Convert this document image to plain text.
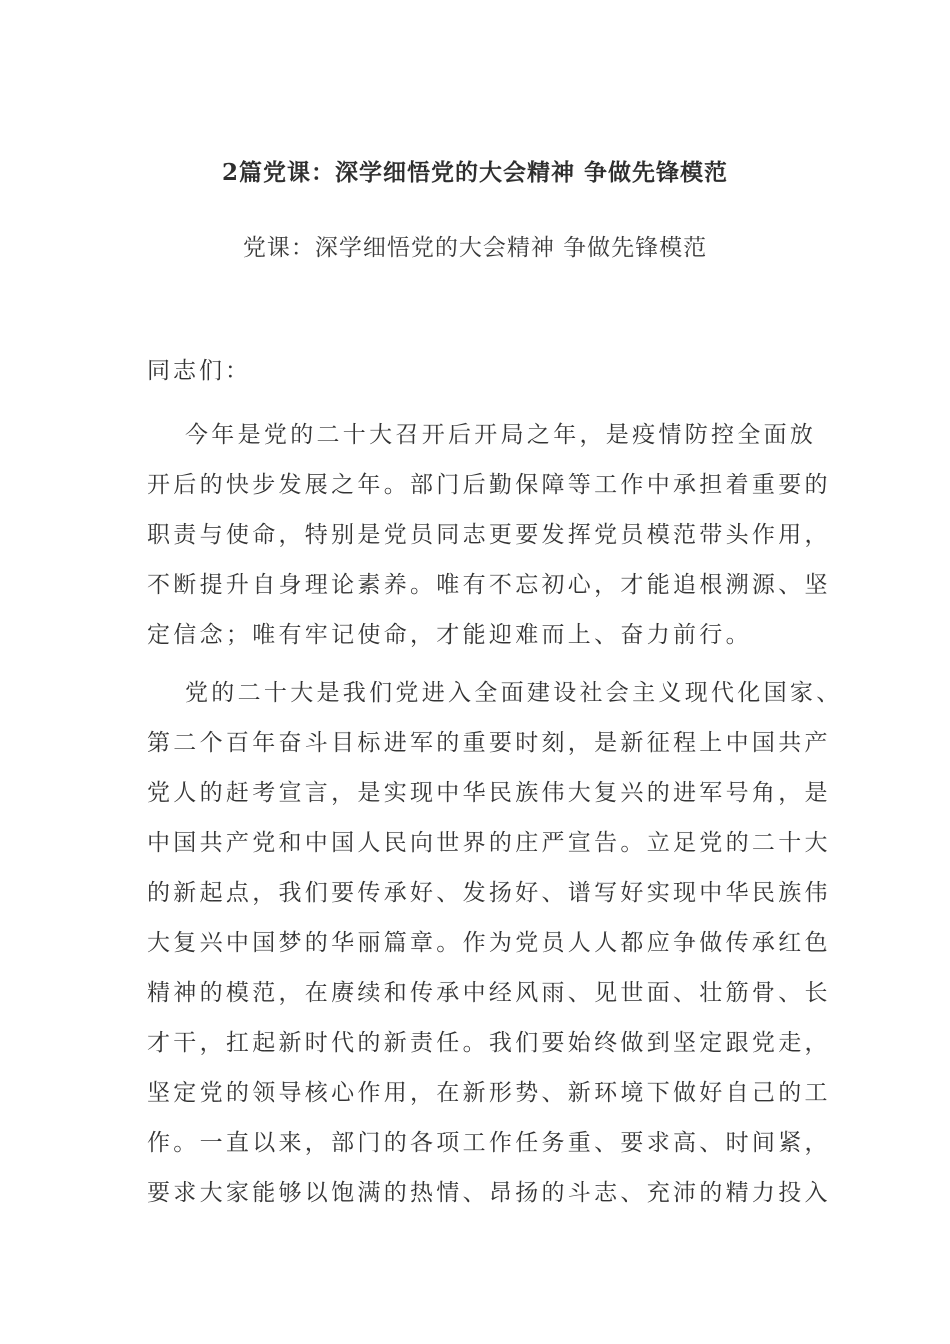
2篇党课：深学细悟党的大会精神 争做先锋模范
党课：深学细悟党的大会精神 争做先锋模范
同志们：
今年是党的二十大召开后开局之年，是疫情防控全面放
开后的快步发展之年。部门后勤保障等工作中承担着重要的
职责与使命，特别是党员同志更要发挥党员模范带头作用，
不断提升自身理论素养。唯有不忘初心，才能追根溯源、坚
定信念；唯有牢记使命，才能迎难而上、奋力前行。
党的二十大是我们党进入全面建设社会主义现代化国家、
第二个百年奋斗目标进军的重要时刻，是新征程上中国共产
党人的赶考宣言，是实现中华民族伟大复兴的进军号角，是
中国共产党和中国人民向世界的庄严宣告。立足党的二十大
的新起点，我们要传承好、发扬好、谱写好实现中华民族伟
大复兴中国梦的华丽篇章。作为党员人人都应争做传承红色
精神的模范，在赓续和传承中经风雨、见世面、壮筋骨、长
才干，扛起新时代的新责任。我们要始终做到坚定跟党走，
坚定党的领导核心作用，在新形势、新环境下做好自己的工
作。一直以来，部门的各项工作任务重、要求高、时间紧，
要求大家能够以饱满的热情、昂扬的斗志、充沛的精力投入
